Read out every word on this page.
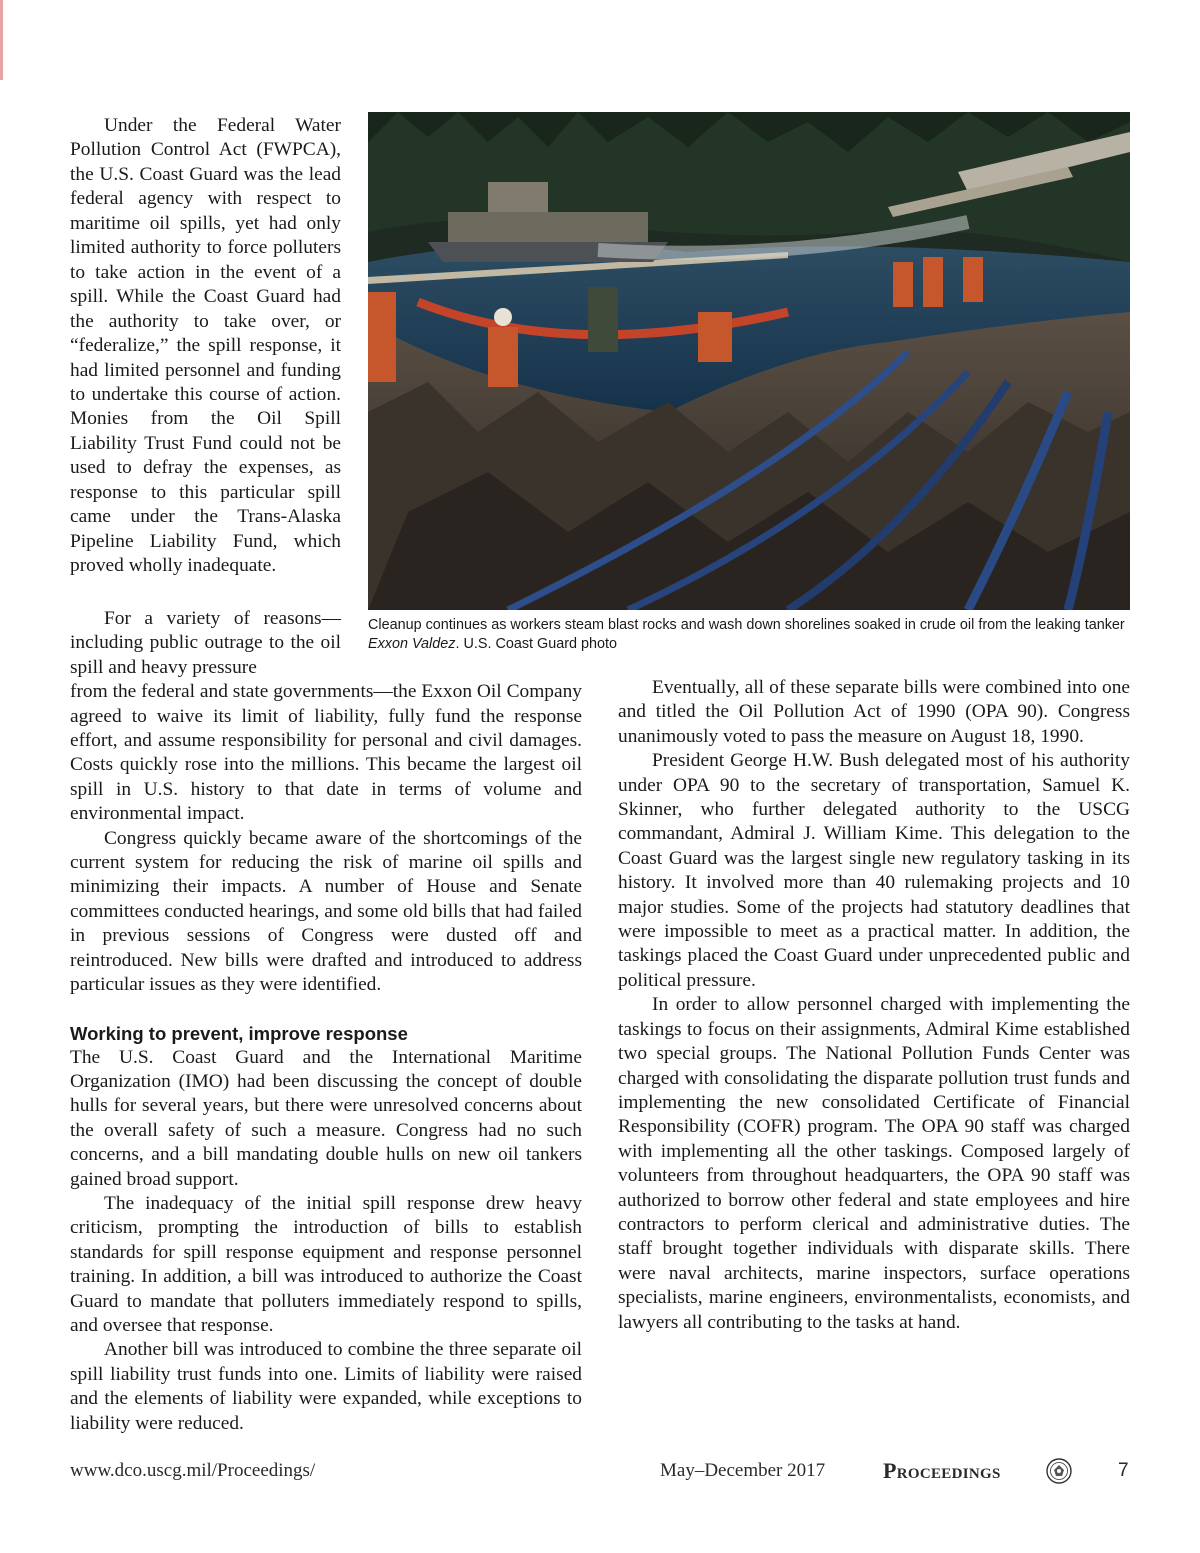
Under the Federal Water Pollution Control Act (FWPCA), the U.S. Coast Guard was the lead federal agency with respect to maritime oil spills, yet had only limited authority to force polluters to take action in the event of a spill. While the Coast Guard had the authority to take over, or “federalize,” the spill response, it had limited personnel and funding to undertake this course of action. Monies from the Oil Spill Liability Trust Fund could not be used to defray the expenses, as response to this particular spill came under the Trans-Alaska Pipeline Liability Fund, which proved wholly inadequate.

Cleanup continues as workers steam blast rocks and wash down shorelines soaked in crude oil from the leaking tanker Exxon Valdez. U.S. Coast Guard photo

For a variety of reasons—including public outrage to the oil spill and heavy pressure

from the federal and state governments—the Exxon Oil Company agreed to waive its limit of liability, fully fund the response effort, and assume responsibility for personal and civil damages. Costs quickly rose into the millions. This became the largest oil spill in U.S. history to that date in terms of volume and environmental impact.

Congress quickly became aware of the shortcomings of the current system for reducing the risk of marine oil spills and minimizing their impacts. A number of House and Senate committees conducted hearings, and some old bills that had failed in previous sessions of Congress were dusted off and reintroduced. New bills were drafted and introduced to address particular issues as they were identified.

Working to prevent, improve response

The U.S. Coast Guard and the International Maritime Organization (IMO) had been discussing the concept of double hulls for several years, but there were unresolved concerns about the overall safety of such a measure. Congress had no such concerns, and a bill mandating double hulls on new oil tankers gained broad support.

The inadequacy of the initial spill response drew heavy criticism, prompting the introduction of bills to establish standards for spill response equipment and response personnel training. In addition, a bill was introduced to authorize the Coast Guard to mandate that polluters immediately respond to spills, and oversee that response.

Another bill was introduced to combine the three separate oil spill liability trust funds into one. Limits of liability were raised and the elements of liability were expanded, while exceptions to liability were reduced.

Eventually, all of these separate bills were combined into one and titled the Oil Pollution Act of 1990 (OPA 90). Congress unanimously voted to pass the measure on August 18, 1990.

President George H.W. Bush delegated most of his authority under OPA 90 to the secretary of transportation, Samuel K. Skinner, who further delegated authority to the USCG commandant, Admiral J. William Kime. This delegation to the Coast Guard was the largest single new regulatory tasking in its history. It involved more than 40 rulemaking projects and 10 major studies. Some of the projects had statutory deadlines that were impossible to meet as a practical matter. In addition, the taskings placed the Coast Guard under unprecedented public and political pressure.

In order to allow personnel charged with implementing the taskings to focus on their assignments, Admiral Kime established two special groups. The National Pollution Funds Center was charged with consolidating the disparate pollution trust funds and implementing the new consolidated Certificate of Financial Responsibility (COFR) program. The OPA 90 staff was charged with implementing all the other taskings. Composed largely of volunteers from throughout headquarters, the OPA 90 staff was authorized to borrow other federal and state employees and hire contractors to perform clerical and administrative duties. The staff brought together individuals with disparate skills. There were naval architects, marine inspectors, surface operations specialists, marine engineers, environmentalists, economists, and lawyers all contributing to the tasks at hand.

www.dco.uscg.mil/Proceedings/	May–December 2017	Proceedings	7
